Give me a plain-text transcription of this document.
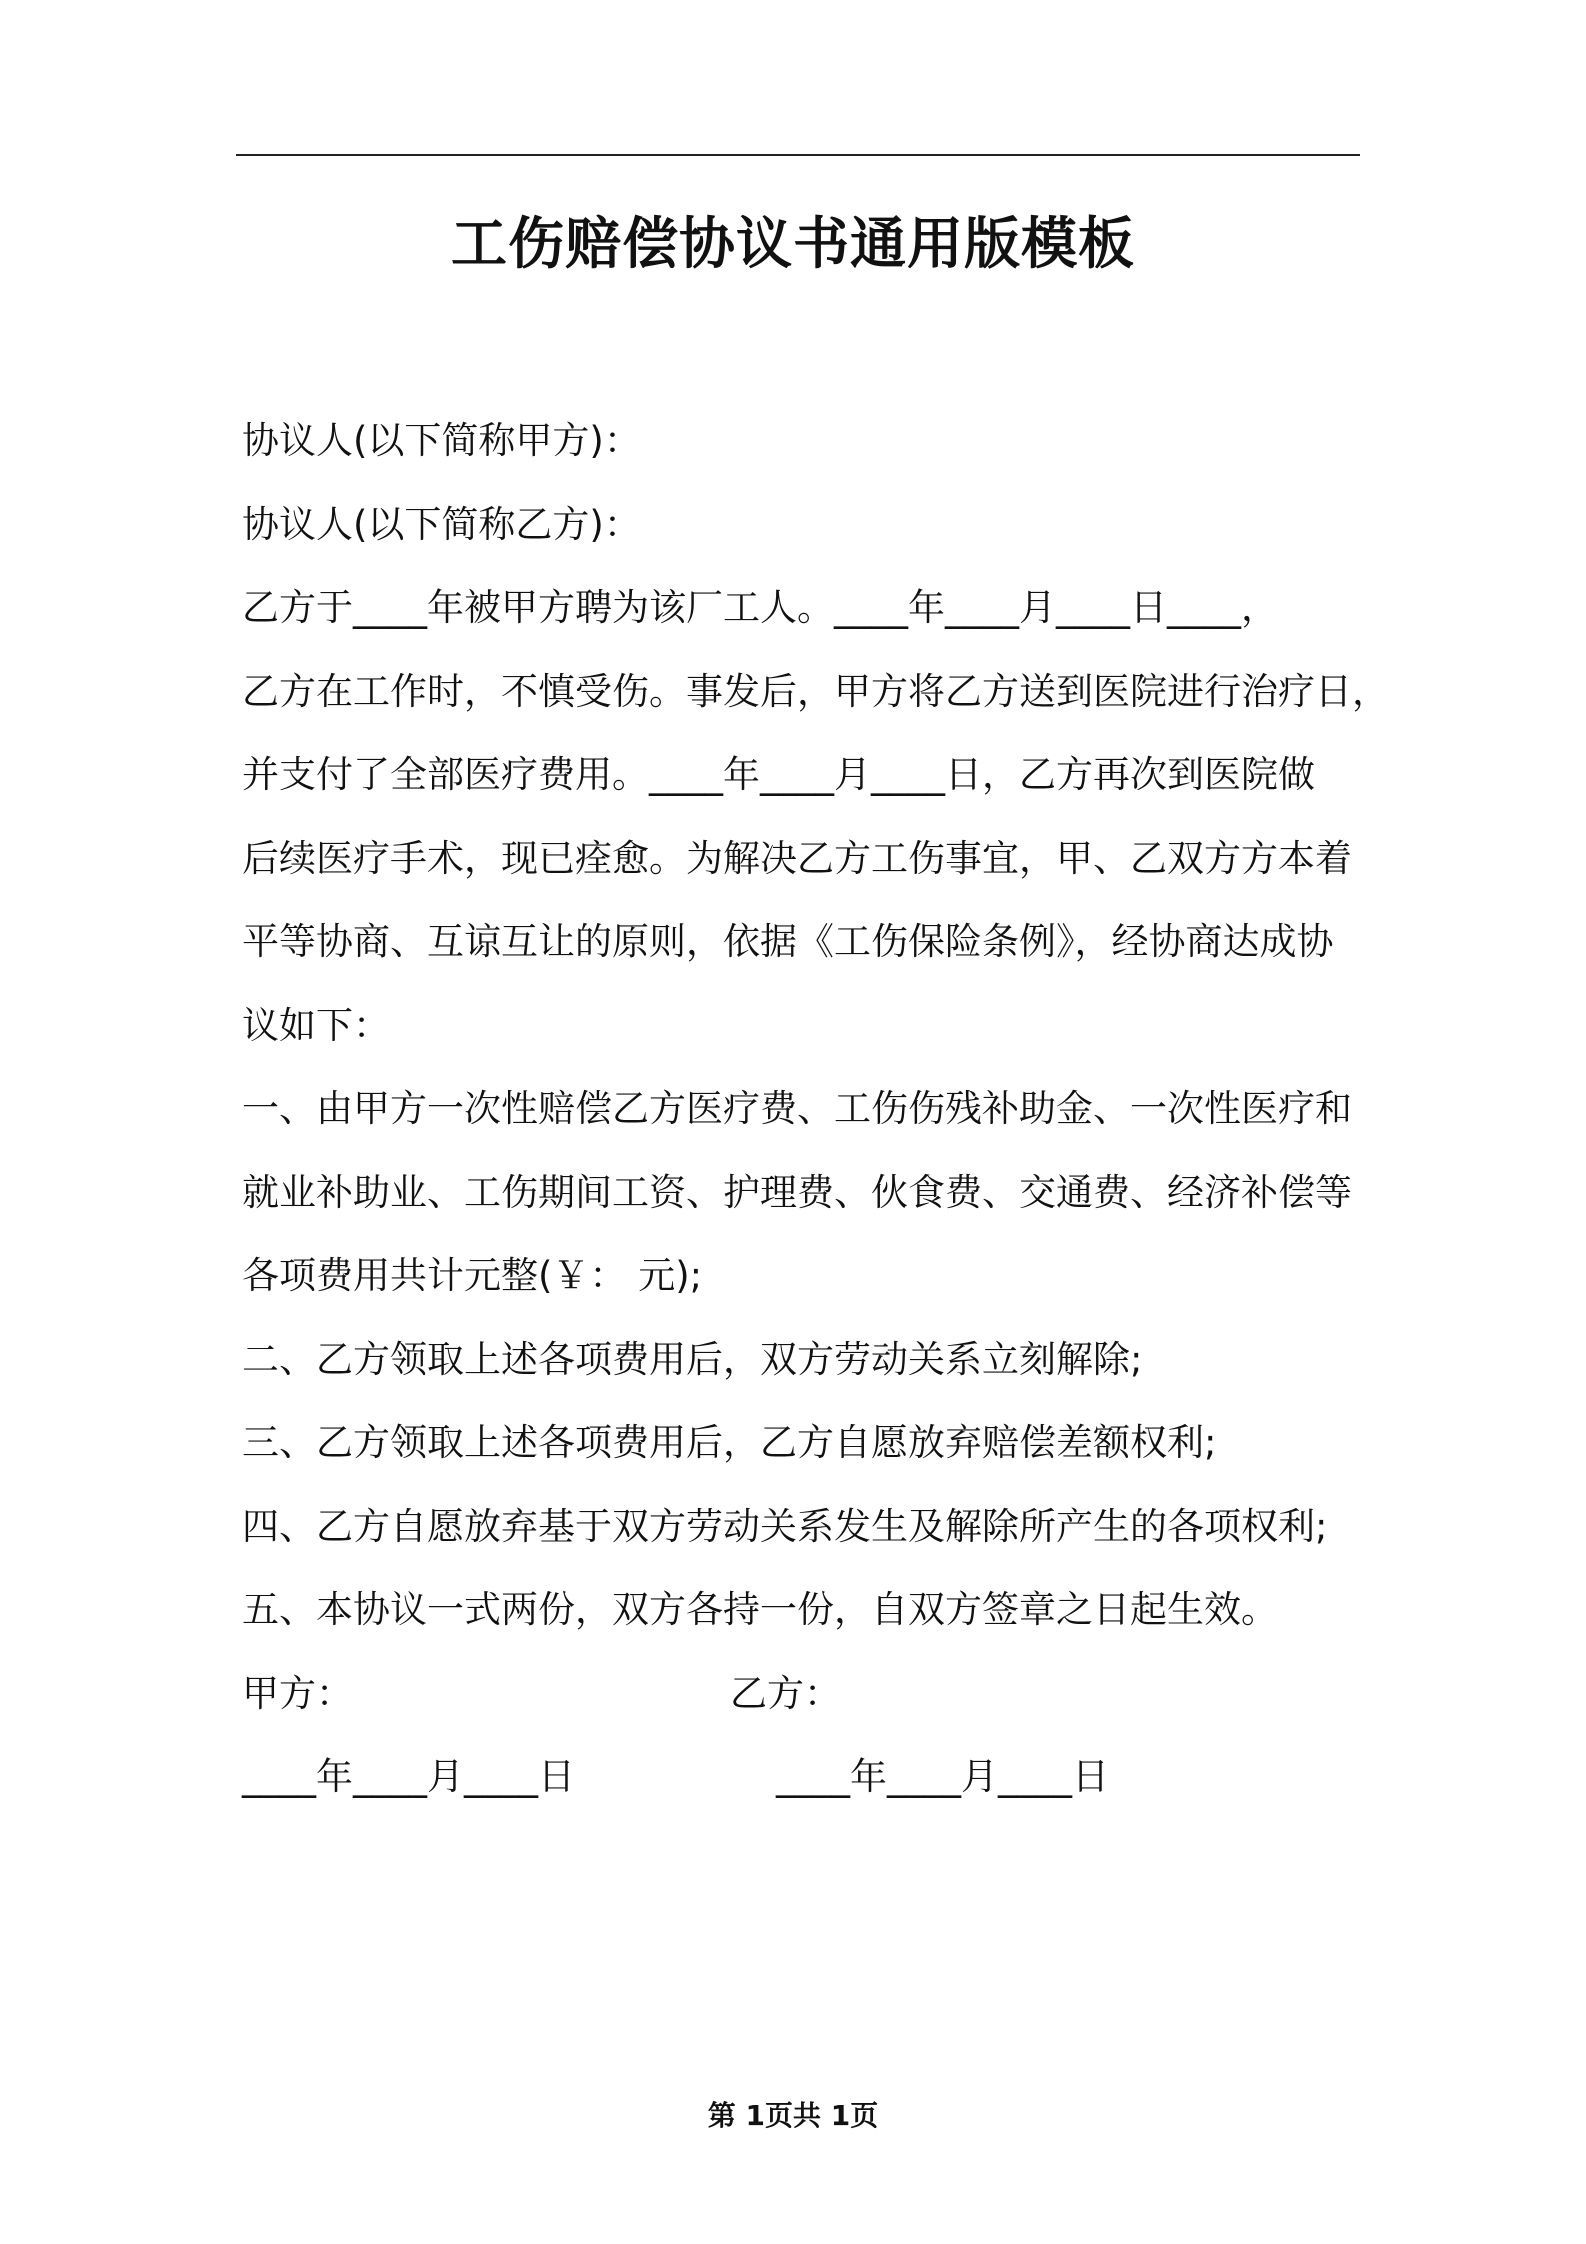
工伤赔偿协议书通用版模板
协议人(以下简称甲方)：
协议人(以下简称乙方)：
乙方于____年被甲方聘为该厂工人。____年____月____日____，
乙方在工作时，不慎受伤。事发后，甲方将乙方送到医院进行治疗日，
并支付了全部医疗费用。____年____月____日，乙方再次到医院做
后续医疗手术，现已痊愈。为解决乙方工伤事宜，甲、乙双方方本着
平等协商、互谅互让的原则，依据《工伤保险条例》，经协商达成协
议如下：
一、由甲方一次性赔偿乙方医疗费、工伤伤残补助金、一次性医疗和
就业补助业、工伤期间工资、护理费、伙食费、交通费、经济补偿等
各项费用共计元整(￥： 元);
二、乙方领取上述各项费用后，双方劳动关系立刻解除;
三、乙方领取上述各项费用后，乙方自愿放弃赔偿差额权利;
四、乙方自愿放弃基于双方劳动关系发生及解除所产生的各项权利;
五、本协议一式两份，双方各持一份，自双方签章之日起生效。
甲方：	乙方：
____年____月____日	____年____月____日
第 1页共 1页
